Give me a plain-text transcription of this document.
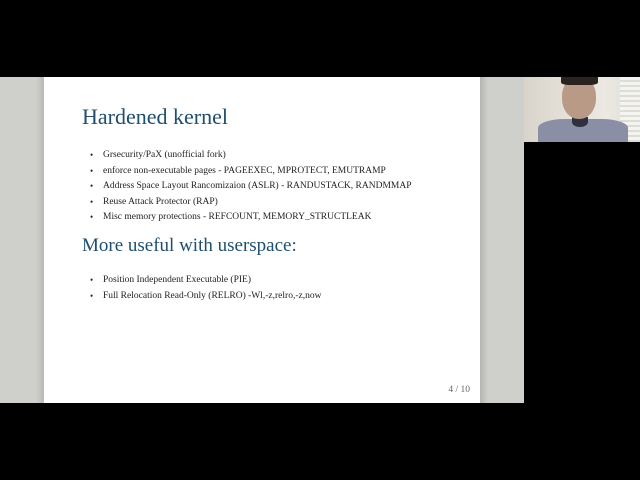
Hardened kernel
• Grsecurity/PaX (unofficial fork)
• enforce non-executable pages - PAGEEXEC, MPROTECT, EMUTRAMP
• Address Space Layout Rancomizaion (ASLR) - RANDUSTACK, RANDMMAP
• Reuse Attack Protector (RAP)
• Misc memory protections - REFCOUNT, MEMORY_STRUCTLEAK
More useful with userspace:
• Position Independent Executable (PIE)
• Full Relocation Read-Only (RELRO) -Wl,-z,relro,-z,now
4 / 10
